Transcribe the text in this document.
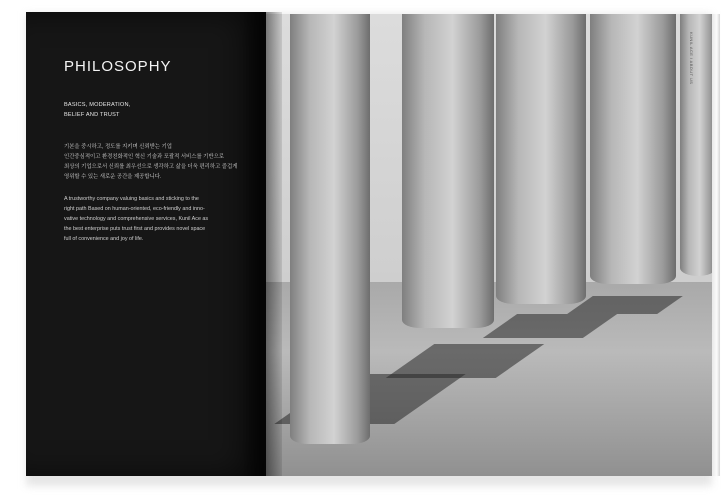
KUNIL ACE / ABOUT US
PHILOSOPHY
BASICS, MODERATION,
BELIEF AND TRUST
기본을 중시하고, 정도를 지키며 신뢰받는 기업
인간중심적이고 환경친화적인 혁신 기술과 포괄적 서비스를 기반으로
최상의 기업으로서 신뢰를 최우선으로 생각하고 삶을 더욱 편리하고 즐겁게
영위할 수 있는 새로운 공간을 제공합니다.
A trustworthy company valuing basics and sticking to the
right path Based on human-oriented, eco-friendly and inno-
vative technology and comprehensive services, Kunil Ace as
the best enterprise puts trust first and provides novel space
full of convenience and joy of life.
